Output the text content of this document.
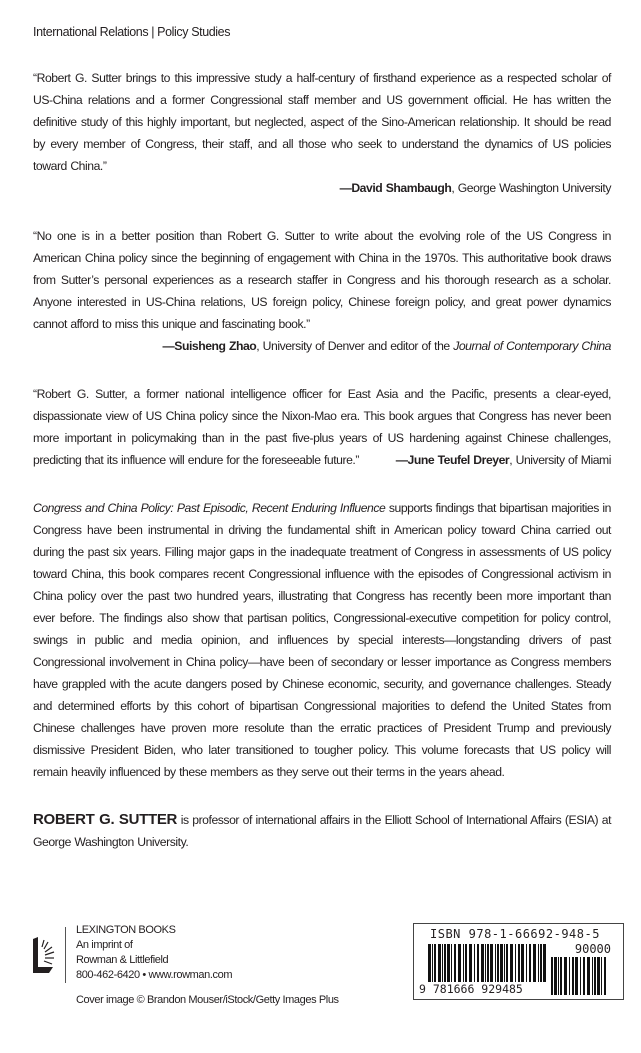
International Relations | Policy Studies
“Robert G. Sutter brings to this impressive study a half-century of firsthand experience as a respected scholar of US-China relations and a former Congressional staff member and US government official. He has written the definitive study of this highly important, but neglected, aspect of the Sino-American relationship. It should be read by every member of Congress, their staff, and all those who seek to understand the dynamics of US policies toward China.”
—David Shambaugh, George Washington University
“No one is in a better position than Robert G. Sutter to write about the evolving role of the US Congress in American China policy since the beginning of engagement with China in the 1970s. This authoritative book draws from Sutter’s personal experiences as a research staffer in Congress and his thorough research as a scholar. Anyone interested in US-China relations, US foreign policy, Chinese foreign policy, and great power dynamics cannot afford to miss this unique and fascinating book.”
—Suisheng Zhao, University of Denver and editor of the Journal of Contemporary China
“Robert G. Sutter, a former national intelligence officer for East Asia and the Pacific, presents a clear-eyed, dispassionate view of US China policy since the Nixon-Mao era. This book argues that Congress has never been more important in policymaking than in the past five-plus years of US hardening against Chinese challenges, predicting that its influence will endure for the foreseeable future.”	—June Teufel Dreyer, University of Miami
Congress and China Policy: Past Episodic, Recent Enduring Influence supports findings that bipartisan majorities in Congress have been instrumental in driving the fundamental shift in American policy toward China carried out during the past six years. Filling major gaps in the inadequate treatment of Congress in assessments of US policy toward China, this book compares recent Congressional influence with the episodes of Congressional activism in China policy over the past two hundred years, illustrating that Congress has recently been more important than ever before. The findings also show that partisan politics, Congressional-executive competition for policy control, swings in public and media opinion, and influences by special interests—longstanding drivers of past Congressional involvement in China policy—have been of secondary or lesser importance as Congress members have grappled with the acute dangers posed by Chinese economic, security, and governance challenges. Steady and determined efforts by this cohort of bipartisan Congressional majorities to defend the United States from Chinese challenges have proven more resolute than the erratic practices of President Trump and previously dismissive President Biden, who later transitioned to tougher policy. This volume forecasts that US policy will remain heavily influenced by these members as they serve out their terms in the years ahead.
ROBERT G. SUTTER is professor of international affairs in the Elliott School of International Affairs (ESIA) at George Washington University.
LEXINGTON BOOKS
An imprint of
Rowman & Littlefield
800-462-6420 • www.rowman.com
Cover image © Brandon Mouser/iStock/Getty Images Plus
ISBN 978-1-66692-948-5
90000
9 781666 929485
